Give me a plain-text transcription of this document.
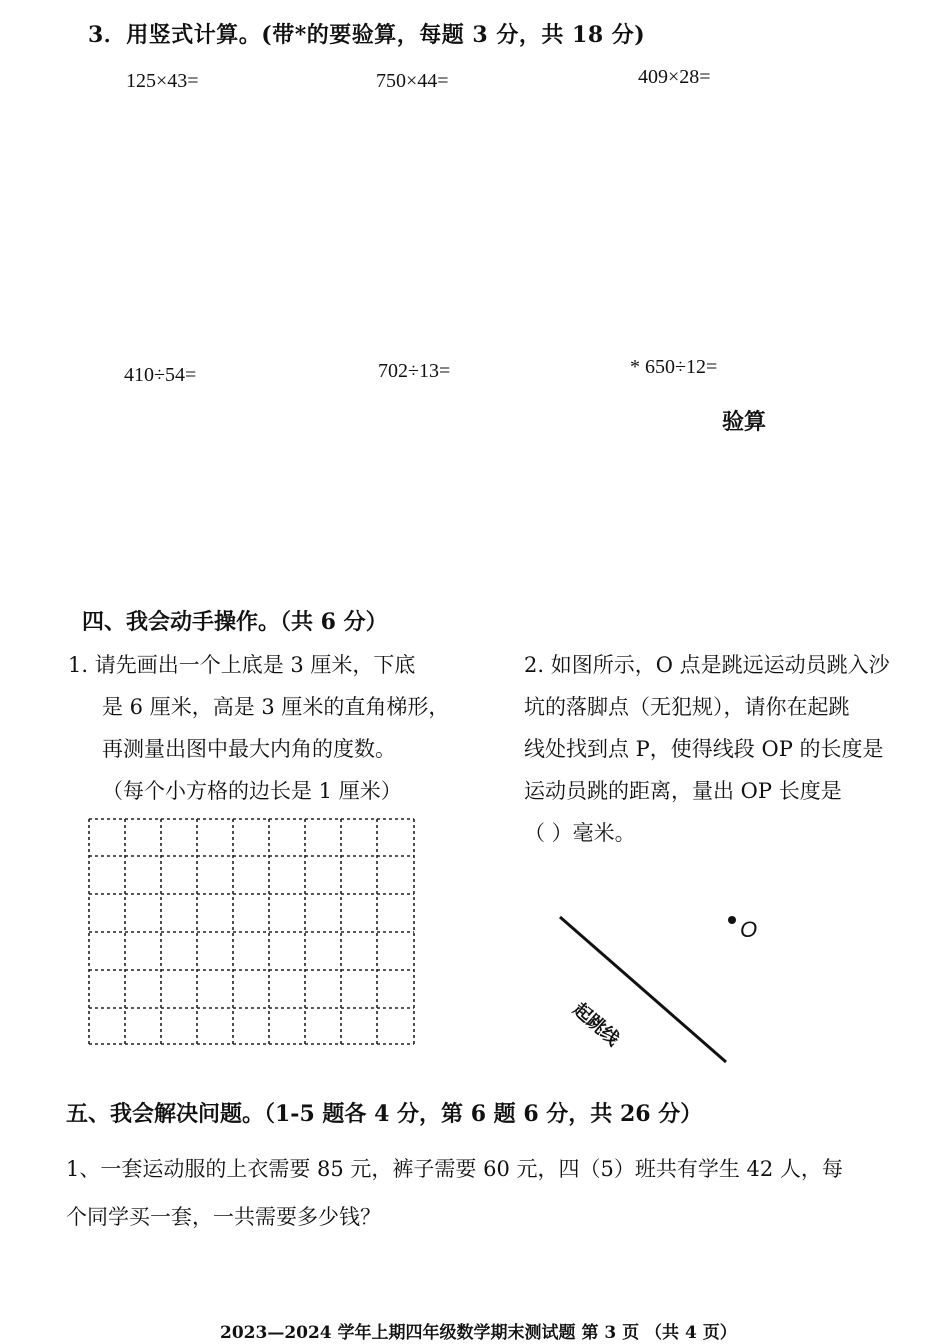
3．用竖式计算。(带*的要验算，每题 3 分，共 18 分)
125×43=	750×44=	409×28=
410÷54=	702÷13=	* 650÷12=
验算
四、我会动手操作。（共 6 分）
1. 请先画出一个上底是 3 厘米，下底
是 6 厘米，高是 3 厘米的直角梯形，
再测量出图中最大内角的度数。
（每个小方格的边长是 1 厘米）
2. 如图所示，O 点是跳远运动员跳入沙
坑的落脚点（无犯规），请你在起跳
线处找到点 P，使得线段 OP 的长度是
运动员跳的距离，量出 OP 长度是
（ ）毫米。
O
起跳线
五、我会解决问题。（1-5 题各 4 分，第 6 题 6 分，共 26 分）
1、一套运动服的上衣需要 85 元，裤子需要 60 元，四（5）班共有学生 42 人，每
个同学买一套，一共需要多少钱？
2023—2024 学年上期四年级数学期末测试题 第 3 页 （共 4 页）
